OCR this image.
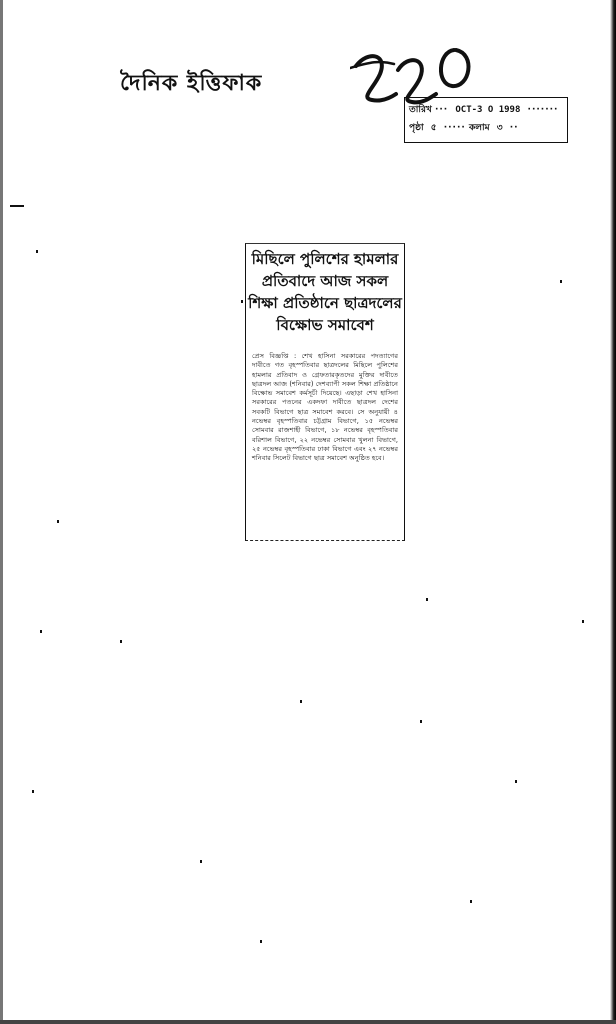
দৈনিক ইত্তিফাক
তারিখ ··· OCT-3 O 1998 ·······
পৃষ্ঠা ৫ ····· কলাম ৩ ··
মিছিলে পুলিশের হামলার প্রতিবাদে আজ সকল শিক্ষা প্রতিষ্ঠানে ছাত্রদলের বিক্ষোভ সমাবেশ
প্রেস বিজ্ঞপ্তি : শেখ হাসিনা সরকারের পদত্যাগের দাবীতে গত বৃহস্পতিবার ছাত্রদলের মিছিলে পুলিশের হামলার প্রতিবাদ ও গ্রেফতারকৃতদের মুক্তির দাবীতে ছাত্রদল আজ (শনিবার) দেশব্যাপী সকল শিক্ষা প্রতিষ্ঠানে বিক্ষোভ সমাবেশ কর্মসূচী দিয়েছে। এছাড়া শেখ হাসিনা সরকারের পতনের একদফা দাবীতে ছাত্রদল দেশের সবকটি বিভাগে ছাত্র সমাবেশ করবে। সে অনুযায়ী ৪ নভেম্বর বৃহস্পতিবার চট্টগ্রাম বিভাগে, ১৫ নভেম্বর সোমবার রাজশাহী বিভাগে, ১৮ নভেম্বর বৃহস্পতিবার বরিশাল বিভাগে, ২২ নভেম্বর সোমবার খুলনা বিভাগে, ২৫ নভেম্বর বৃহস্পতিবার ঢাকা বিভাগে এবং ২৭ নভেম্বর শনিবার সিলেট বিভাগে ছাত্র সমাবেশ অনুষ্ঠিত হবে।
